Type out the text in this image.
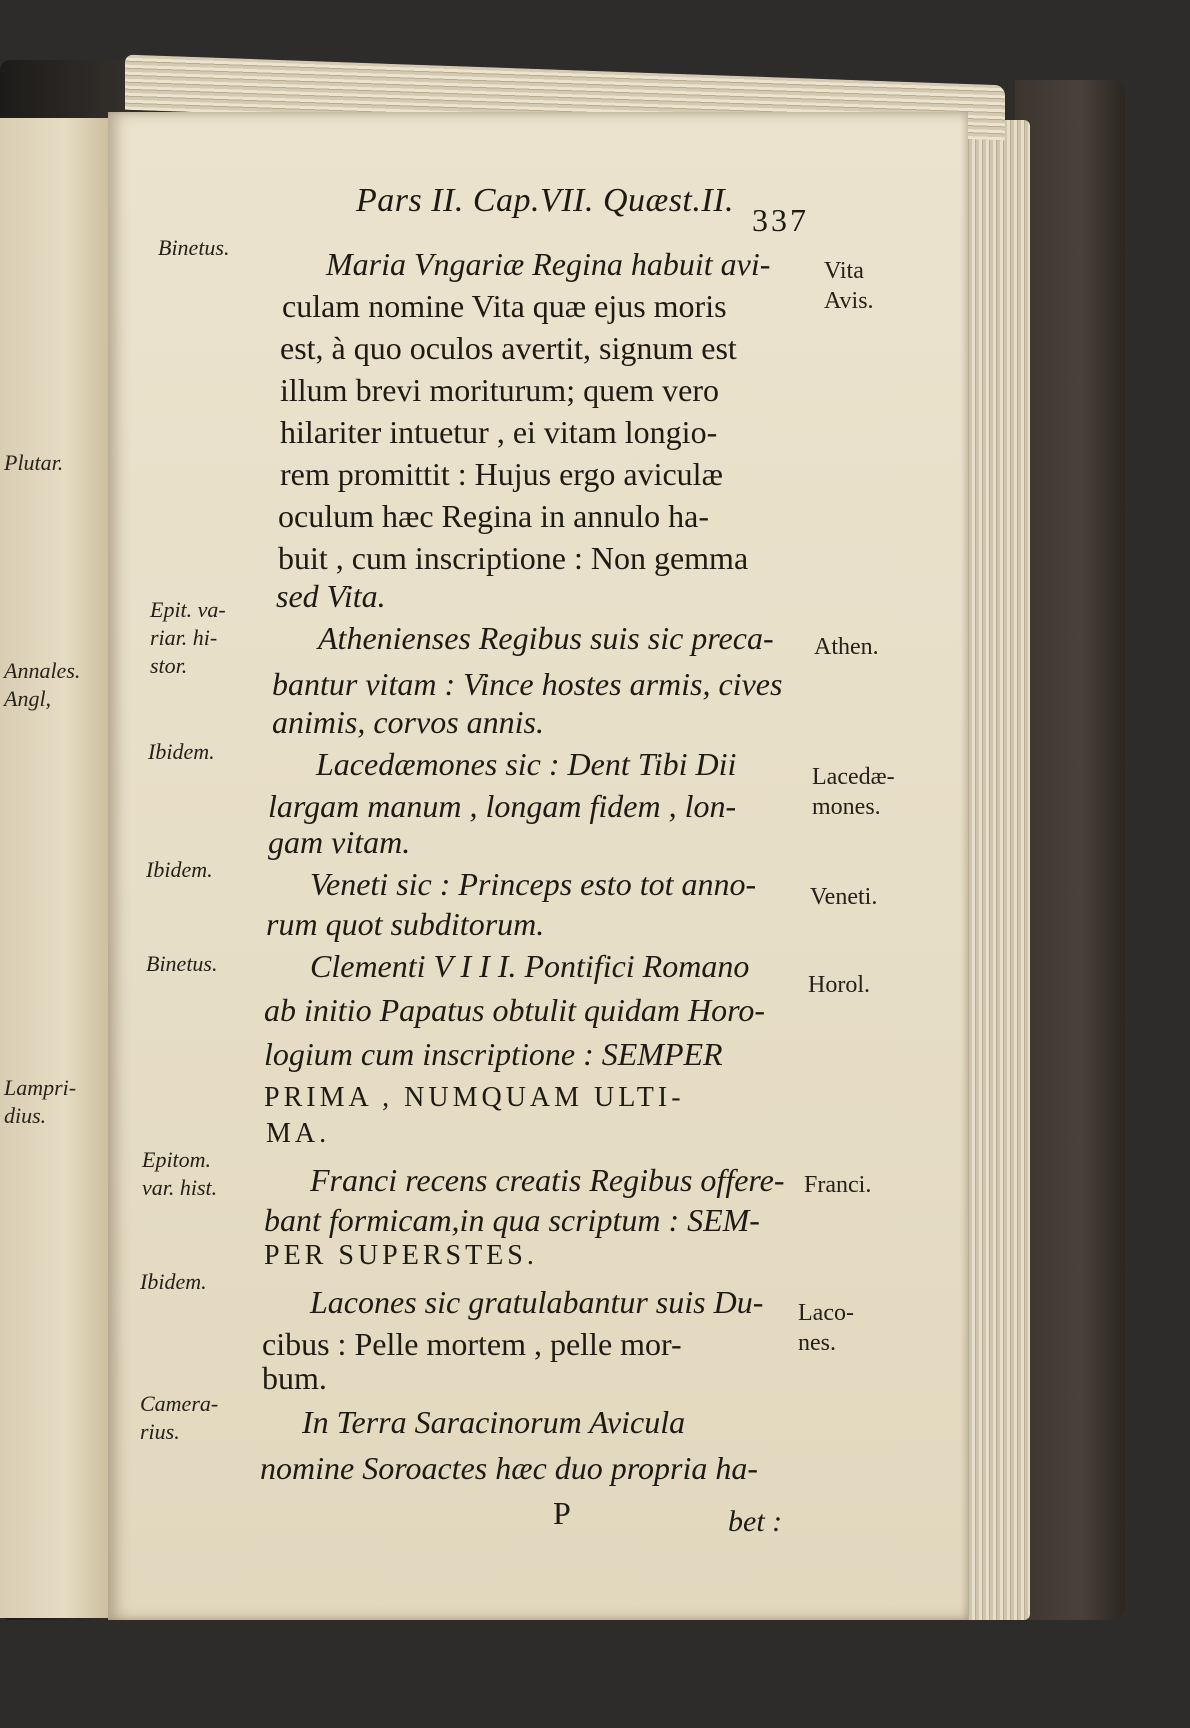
Plutar.
Annales.
Angl,
Lampri-
dius.
Pars II. Cap.VII. Quæst.II.
337
Binetus.
Epit. va-
riar. hi-
stor.
Ibidem.
Ibidem.
Binetus.
Epitom.
var. hist.
Ibidem.
Camera-
rius.
Vita
Avis.
Athen.
Lacedæ-
mones.
Veneti.
Horol.
Franci.
Laco-
nes.
Maria Vngariæ Regina habuit avi-
culam nomine Vita quæ ejus moris
est, à quo oculos avertit, signum est
illum brevi moriturum; quem vero
hilariter intuetur , ei vitam longio-
rem promittit : Hujus ergo aviculæ
oculum hæc Regina in annulo ha-
buit , cum inscriptione : Non gemma
sed Vita.
Athenienses Regibus suis sic preca-
bantur vitam : Vince hostes armis, cives
animis, corvos annis.
Lacedæmones sic : Dent Tibi Dii
largam manum , longam fidem , lon-
gam vitam.
Veneti sic : Princeps esto tot anno-
rum quot subditorum.
Clementi V I I I. Pontifici Romano
ab initio Papatus obtulit quidam Horo-
logium cum inscriptione : SEMPER
PRIMA , NUMQUAM ULTI-
MA.
Franci recens creatis Regibus offere-
bant formicam,in qua scriptum : SEM-
PER SUPERSTES.
Lacones sic gratulabantur suis Du-
cibus : Pelle mortem , pelle mor-
bum.
In Terra Saracinorum Avicula
nomine Soroactes hæc duo propria ha-
P	bet :
